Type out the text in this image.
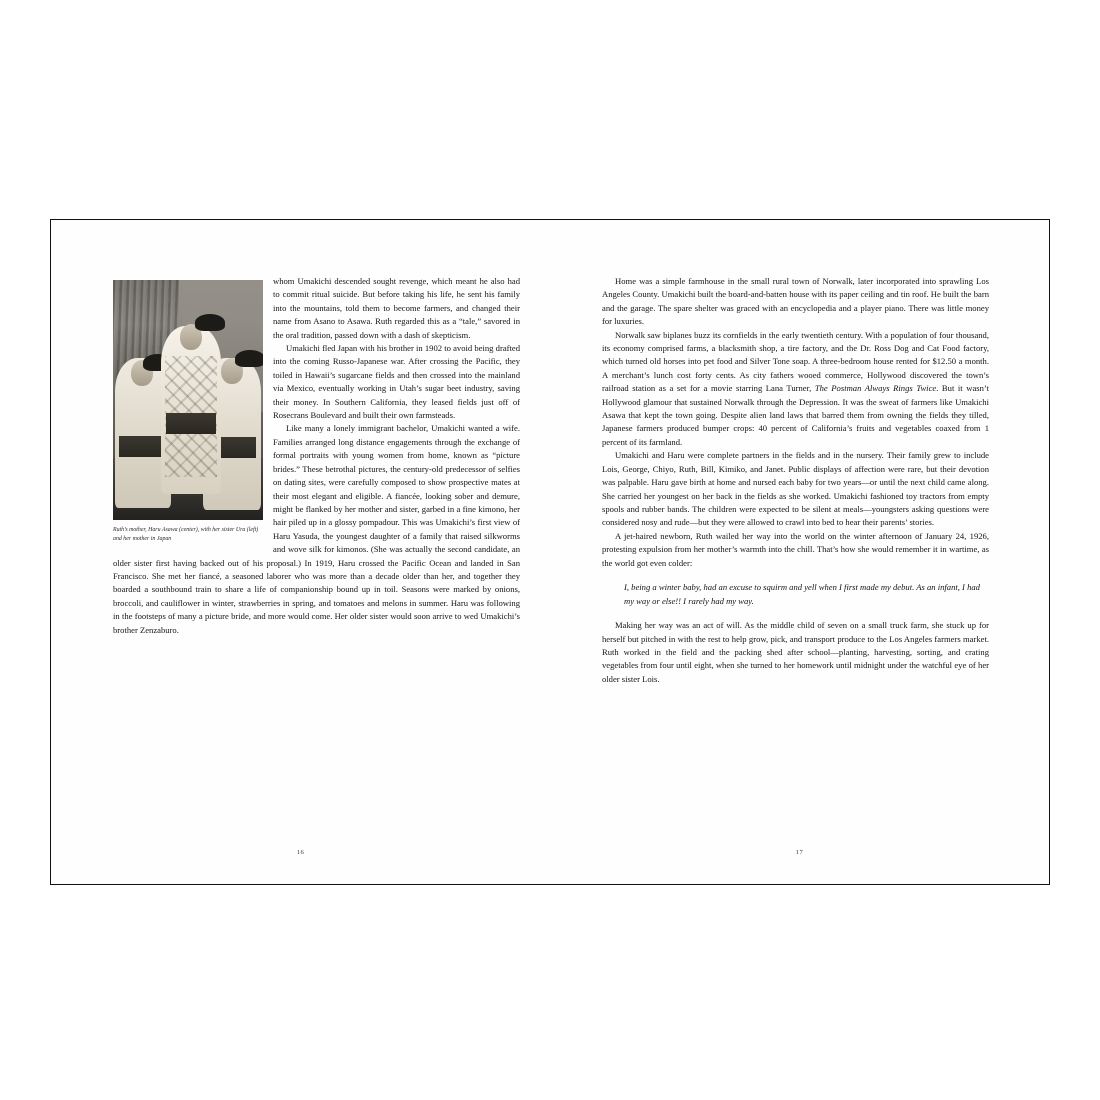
Ruth’s mother, Haru Asawa (center), with her sister Ura (left) and her mother in Japan

whom Umakichi descended sought revenge, which meant he also had to commit ritual suicide. But before taking his life, he sent his family into the mountains, told them to become farmers, and changed their name from Asano to Asawa. Ruth regarded this as a “tale,” savored in the oral tradition, passed down with a dash of skepticism.

Umakichi fled Japan with his brother in 1902 to avoid being drafted into the coming Russo-Japanese war. After crossing the Pacific, they toiled in Hawaii’s sugarcane fields and then crossed into the mainland via Mexico, eventually working in Utah’s sugar beet industry, saving their money. In Southern California, they leased fields just off of Rosecrans Boulevard and built their own farmsteads.

Like many a lonely immigrant bachelor, Umakichi wanted a wife. Families arranged long distance engagements through the exchange of formal portraits with young women from home, known as “picture brides.” These betrothal pictures, the century-old predecessor of selfies on dating sites, were carefully composed to show prospective mates at their most elegant and eligible. A fiancée, looking sober and demure, might be flanked by her mother and sister, garbed in a fine kimono, her hair piled up in a glossy pompadour. This was Umakichi’s first view of Haru Yasuda, the youngest daughter of a family that raised silkworms and wove silk for kimonos. (She was actually the second candidate, an older sister first having backed out of his proposal.) In 1919, Haru crossed the Pacific Ocean and landed in San Francisco. She met her fiancé, a seasoned laborer who was more than a decade older than her, and together they boarded a southbound train to share a life of companionship bound up in toil. Seasons were marked by onions, broccoli, and cauliflower in winter, strawberries in spring, and tomatoes and melons in summer. Haru was following in the footsteps of many a picture bride, and more would come. Her older sister would soon arrive to wed Umakichi’s brother Zenzaburo.

16

Home was a simple farmhouse in the small rural town of Norwalk, later incorporated into sprawling Los Angeles County. Umakichi built the board-and-batten house with its paper ceiling and tin roof. He built the barn and the garage. The spare shelter was graced with an encyclopedia and a player piano. There was little money for luxuries.

Norwalk saw biplanes buzz its cornfields in the early twentieth century. With a population of four thousand, its economy comprised farms, a blacksmith shop, a tire factory, and the Dr. Ross Dog and Cat Food factory, which turned old horses into pet food and Silver Tone soap. A three-bedroom house rented for $12.50 a month. A merchant’s lunch cost forty cents. As city fathers wooed commerce, Hollywood discovered the town’s railroad station as a set for a movie starring Lana Turner, The Postman Always Rings Twice. But it wasn’t Hollywood glamour that sustained Norwalk through the Depression. It was the sweat of farmers like Umakichi Asawa that kept the town going. Despite alien land laws that barred them from owning the fields they tilled, Japanese farmers produced bumper crops: 40 percent of California’s fruits and vegetables coaxed from 1 percent of its farmland.

Umakichi and Haru were complete partners in the fields and in the nursery. Their family grew to include Lois, George, Chiyo, Ruth, Bill, Kimiko, and Janet. Public displays of affection were rare, but their devotion was palpable. Haru gave birth at home and nursed each baby for two years—or until the next child came along. She carried her youngest on her back in the fields as she worked. Umakichi fashioned toy tractors from empty spools and rubber bands. The children were expected to be silent at meals—youngsters asking questions were considered nosy and rude—but they were allowed to crawl into bed to hear their parents’ stories.

A jet-haired newborn, Ruth wailed her way into the world on the winter afternoon of January 24, 1926, protesting expulsion from her mother’s warmth into the chill. That’s how she would remember it in wartime, as the world got even colder:

I, being a winter baby, had an excuse to squirm and yell when I first made my debut. As an infant, I had my way or else!! I rarely had my way.

Making her way was an act of will. As the middle child of seven on a small truck farm, she stuck up for herself but pitched in with the rest to help grow, pick, and transport produce to the Los Angeles farmers market. Ruth worked in the field and the packing shed after school—planting, harvesting, sorting, and crating vegetables from four until eight, when she turned to her homework until midnight under the watchful eye of her older sister Lois.

17
